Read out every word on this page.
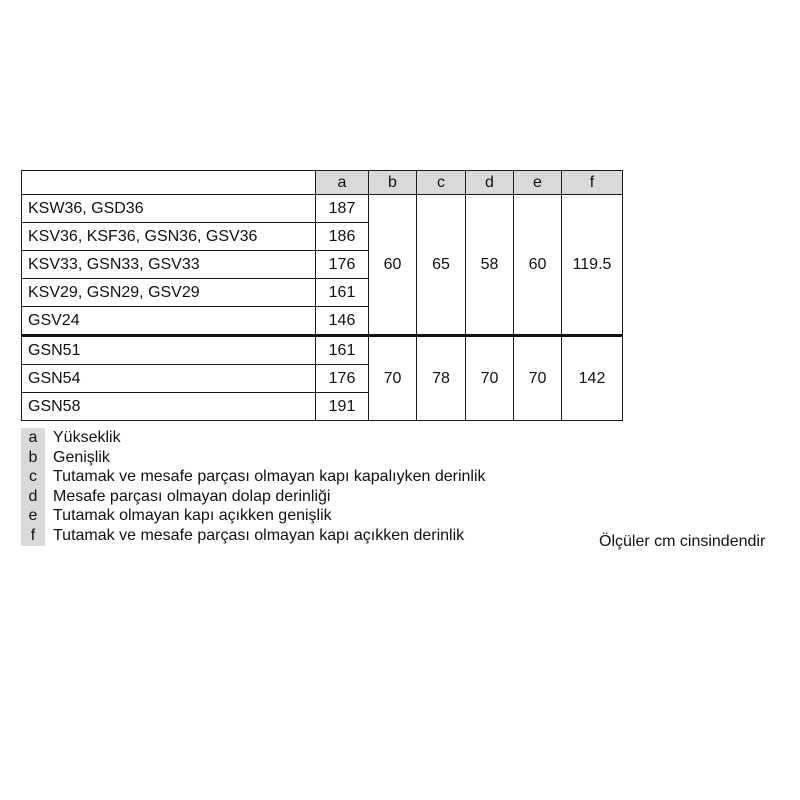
	a	b	c	d	e	f
KSW36, GSD36	187	60	65	58	60	119.5
KSV36, KSF36, GSN36, GSV36	186					
KSV33, GSN33, GSV33	176					
KSV29, GSN29, GSV29	161					
GSV24	146					
GSN51	161	70	78	70	70	142
GSN54	176					
GSN58	191					
a Yükseklik
b Genişlik
c	Tutamak ve mesafe parçası olmayan kapı kapalıyken derinlik
d Mesafe parçası olmayan dolap derinliği
e Tutamak olmayan kapı açıkken genişlik
f	Tutamak ve mesafe parçası olmayan kapı açıkken derinlik	Ölçüler cm cinsindendir
